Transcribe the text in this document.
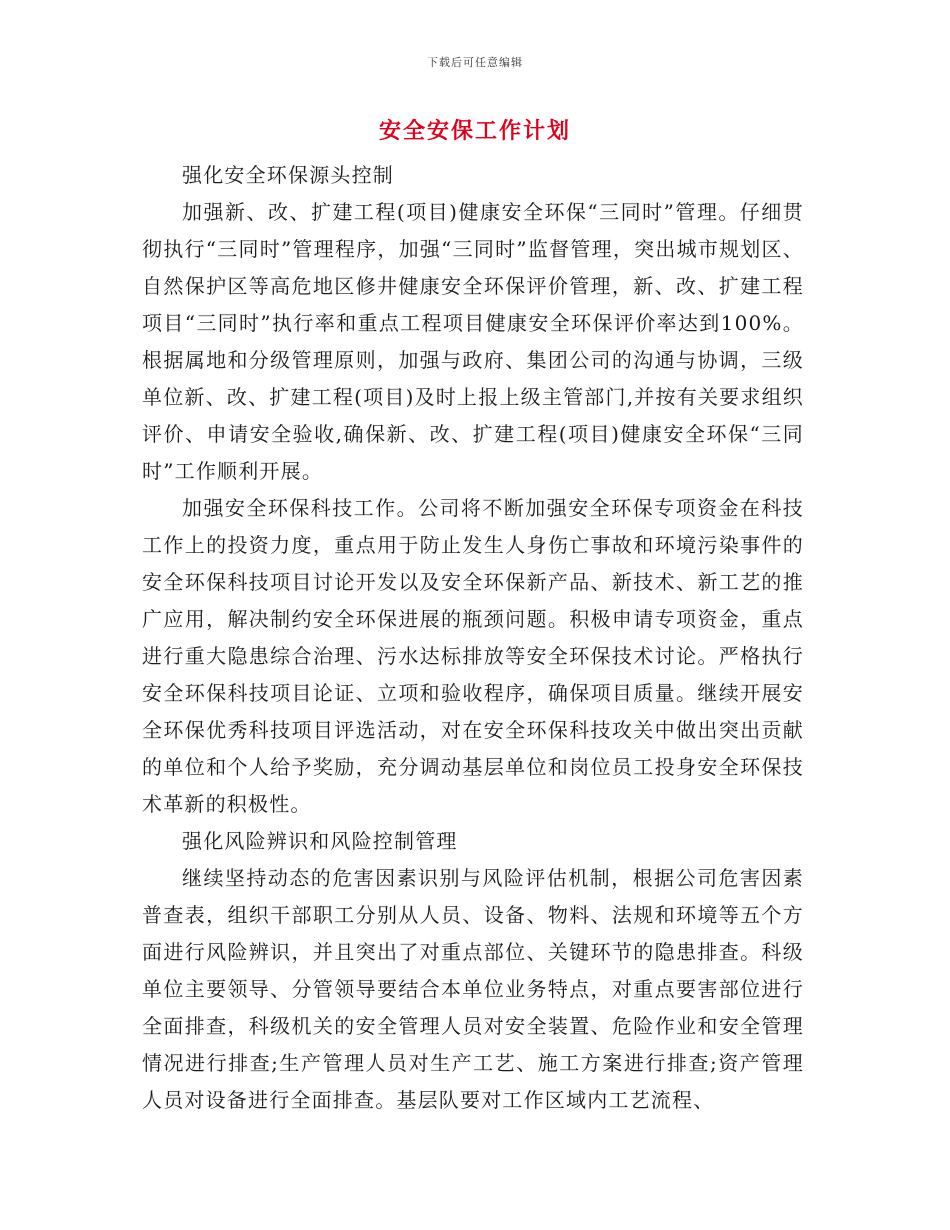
下载后可任意编辑
安全安保工作计划

强化安全环保源头控制

加强新、改、扩建工程(项目)健康安全环保“三同时”管理。仔细贯彻执行“三同时”管理程序，加强“三同时”监督管理，突出城市规划区、自然保护区等高危地区修井健康安全环保评价管理，新、改、扩建工程项目“三同时”执行率和重点工程项目健康安全环保评价率达到100%。根据属地和分级管理原则，加强与政府、集团公司的沟通与协调，三级单位新、改、扩建工程(项目)及时上报上级主管部门,并按有关要求组织评价、申请安全验收,确保新、改、扩建工程(项目)健康安全环保“三同时”工作顺利开展。

加强安全环保科技工作。公司将不断加强安全环保专项资金在科技工作上的投资力度，重点用于防止发生人身伤亡事故和环境污染事件的安全环保科技项目讨论开发以及安全环保新产品、新技术、新工艺的推广应用，解决制约安全环保进展的瓶颈问题。积极申请专项资金，重点进行重大隐患综合治理、污水达标排放等安全环保技术讨论。严格执行安全环保科技项目论证、立项和验收程序，确保项目质量。继续开展安全环保优秀科技项目评选活动，对在安全环保科技攻关中做出突出贡献的单位和个人给予奖励，充分调动基层单位和岗位员工投身安全环保技术革新的积极性。

强化风险辨识和风险控制管理

继续坚持动态的危害因素识别与风险评估机制，根据公司危害因素普查表，组织干部职工分别从人员、设备、物料、法规和环境等五个方面进行风险辨识，并且突出了对重点部位、关键环节的隐患排查。科级单位主要领导、分管领导要结合本单位业务特点，对重点要害部位进行全面排查，科级机关的安全管理人员对安全装置、危险作业和安全管理情况进行排查;生产管理人员对生产工艺、施工方案进行排查;资产管理人员对设备进行全面排查。基层队要对工作区域内工艺流程、
